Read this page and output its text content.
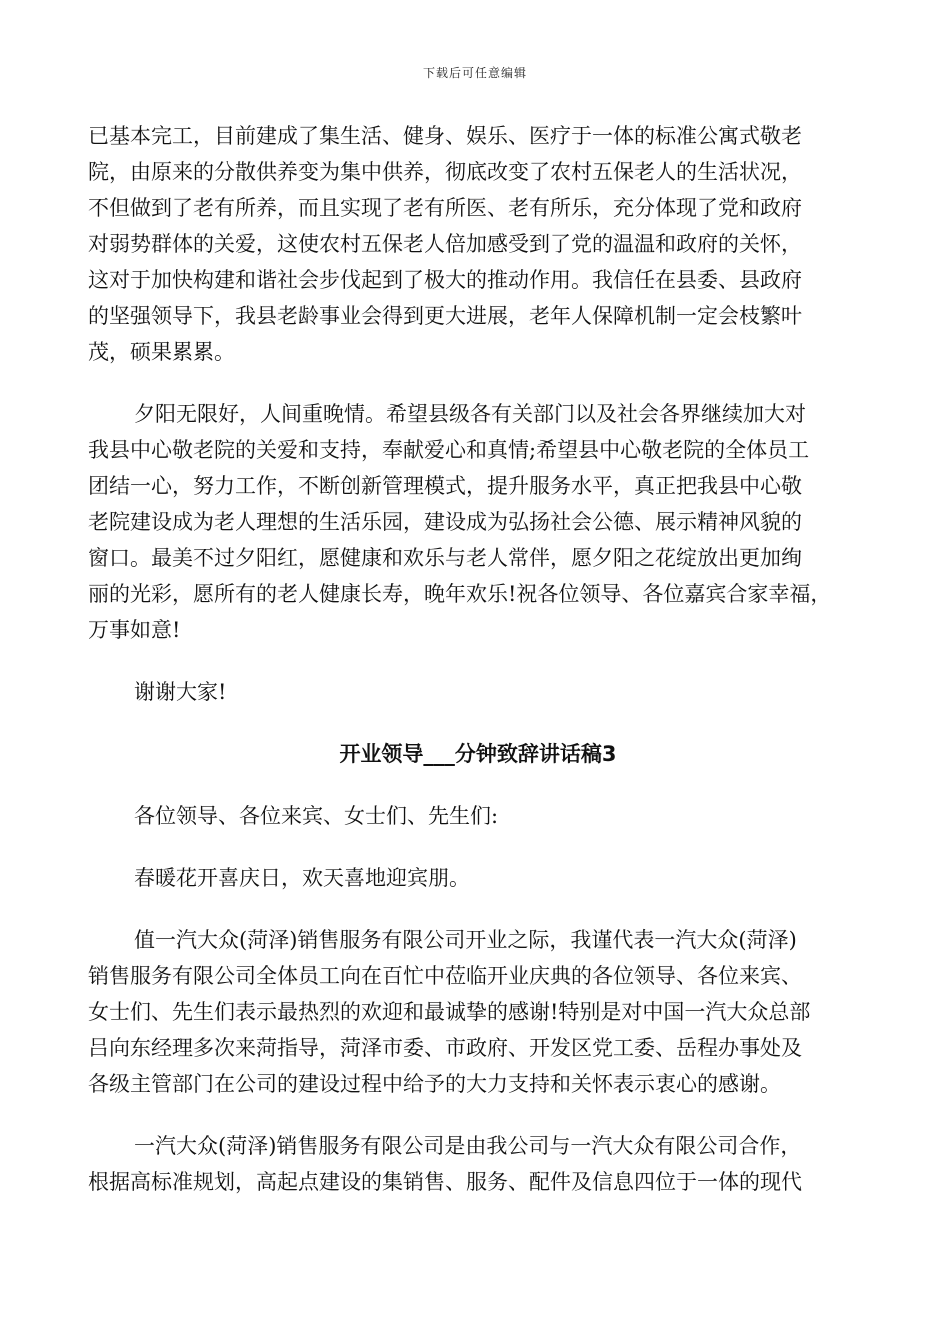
下载后可任意编辑
已基本完工，目前建成了集生活、健身、娱乐、医疗于一体的标准公寓式敬老
院，由原来的分散供养变为集中供养，彻底改变了农村五保老人的生活状况，
不但做到了老有所养，而且实现了老有所医、老有所乐，充分体现了党和政府
对弱势群体的关爱，这使农村五保老人倍加感受到了党的温温和政府的关怀，
这对于加快构建和谐社会步伐起到了极大的推动作用。我信任在县委、县政府
的坚强领导下，我县老龄事业会得到更大进展，老年人保障机制一定会枝繁叶
茂，硕果累累。
夕阳无限好，人间重晚情。希望县级各有关部门以及社会各界继续加大对
我县中心敬老院的关爱和支持，奉献爱心和真情;希望县中心敬老院的全体员工
团结一心，努力工作，不断创新管理模式，提升服务水平，真正把我县中心敬
老院建设成为老人理想的生活乐园，建设成为弘扬社会公德、展示精神风貌的
窗口。最美不过夕阳红，愿健康和欢乐与老人常伴，愿夕阳之花绽放出更加绚
丽的光彩，愿所有的老人健康长寿，晚年欢乐!祝各位领导、各位嘉宾合家幸福，
万事如意!
谢谢大家!
开业领导___分钟致辞讲话稿3
各位领导、各位来宾、女士们、先生们:
春暖花开喜庆日，欢天喜地迎宾朋。
值一汽大众(菏泽)销售服务有限公司开业之际，我谨代表一汽大众(菏泽)
销售服务有限公司全体员工向在百忙中莅临开业庆典的各位领导、各位来宾、
女士们、先生们表示最热烈的欢迎和最诚挚的感谢!特别是对中国一汽大众总部
吕向东经理多次来菏指导，菏泽市委、市政府、开发区党工委、岳程办事处及
各级主管部门在公司的建设过程中给予的大力支持和关怀表示衷心的感谢。
一汽大众(菏泽)销售服务有限公司是由我公司与一汽大众有限公司合作，
根据高标准规划，高起点建设的集销售、服务、配件及信息四位于一体的现代
